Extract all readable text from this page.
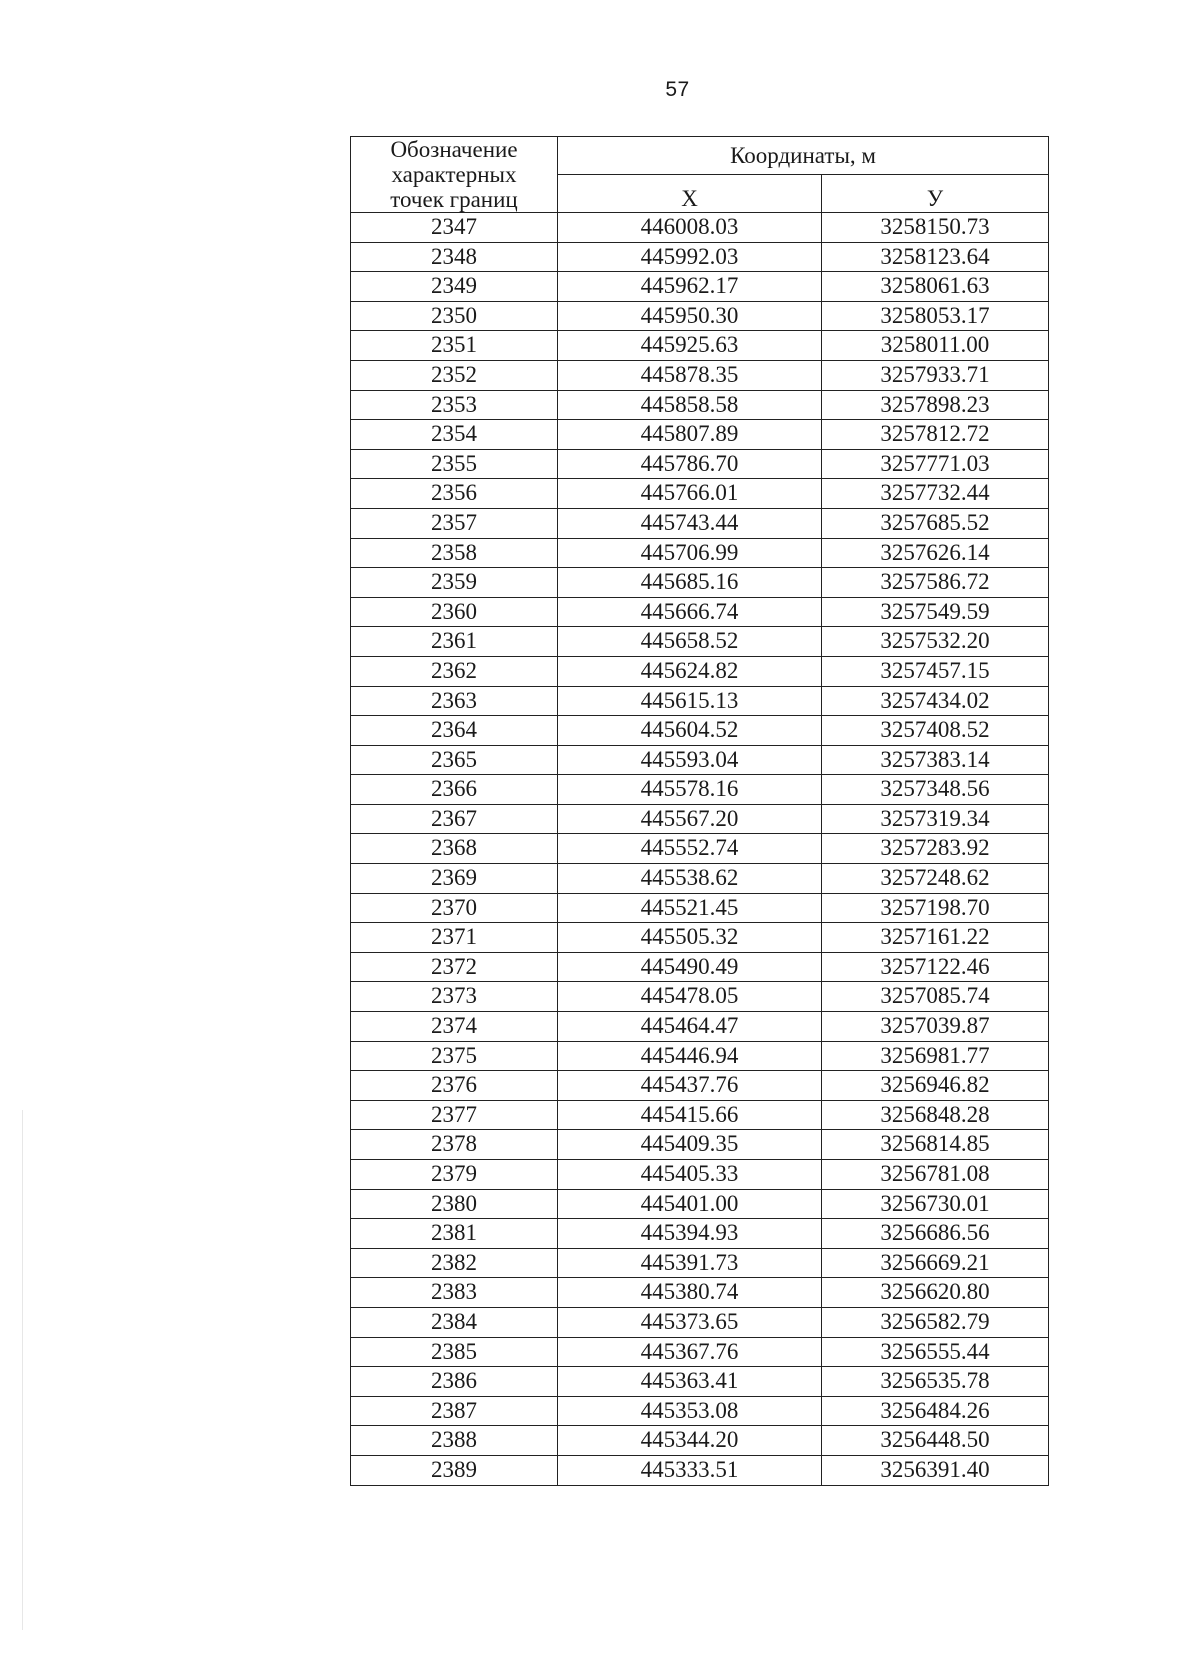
57
Обозначение
характерных
точек границ	Координаты, м	
	X	У
2347	446008.03	3258150.73
2348	445992.03	3258123.64
2349	445962.17	3258061.63
2350	445950.30	3258053.17
2351	445925.63	3258011.00
2352	445878.35	3257933.71
2353	445858.58	3257898.23
2354	445807.89	3257812.72
2355	445786.70	3257771.03
2356	445766.01	3257732.44
2357	445743.44	3257685.52
2358	445706.99	3257626.14
2359	445685.16	3257586.72
2360	445666.74	3257549.59
2361	445658.52	3257532.20
2362	445624.82	3257457.15
2363	445615.13	3257434.02
2364	445604.52	3257408.52
2365	445593.04	3257383.14
2366	445578.16	3257348.56
2367	445567.20	3257319.34
2368	445552.74	3257283.92
2369	445538.62	3257248.62
2370	445521.45	3257198.70
2371	445505.32	3257161.22
2372	445490.49	3257122.46
2373	445478.05	3257085.74
2374	445464.47	3257039.87
2375	445446.94	3256981.77
2376	445437.76	3256946.82
2377	445415.66	3256848.28
2378	445409.35	3256814.85
2379	445405.33	3256781.08
2380	445401.00	3256730.01
2381	445394.93	3256686.56
2382	445391.73	3256669.21
2383	445380.74	3256620.80
2384	445373.65	3256582.79
2385	445367.76	3256555.44
2386	445363.41	3256535.78
2387	445353.08	3256484.26
2388	445344.20	3256448.50
2389	445333.51	3256391.40
